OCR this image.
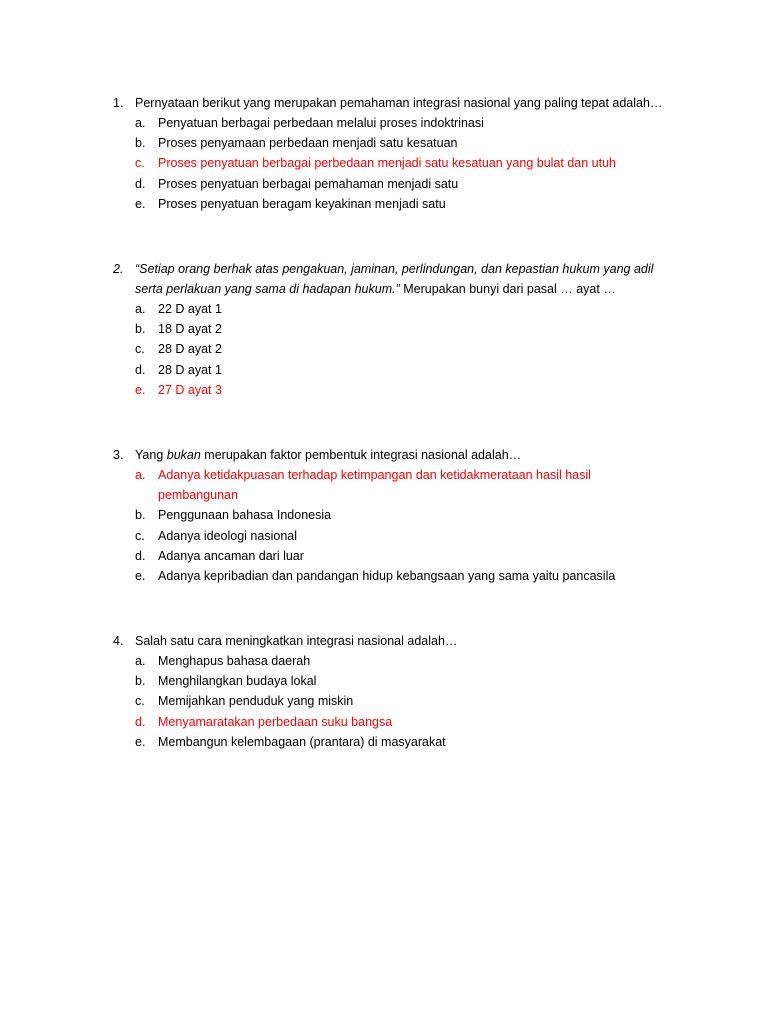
1. Pernyataan berikut yang merupakan pemahaman integrasi nasional yang paling tepat adalah…
a.	Penyatuan berbagai perbedaan melalui proses indoktrinasi
b.	Proses penyamaan perbedaan menjadi satu kesatuan
c.	Proses penyatuan berbagai perbedaan menjadi satu kesatuan yang bulat dan utuh
d.	Proses penyatuan berbagai pemahaman menjadi satu
e.	Proses penyatuan beragam keyakinan menjadi satu
2. “Setiap orang berhak atas pengakuan, jaminan, perlindungan, dan kepastian hukum yang adil
serta perlakuan yang sama di hadapan hukum.” Merupakan bunyi dari pasal … ayat …
a.	22 D ayat 1
b.	18 D ayat 2
c.	28 D ayat 2
d.	28 D ayat 1
e.	27 D ayat 3
3. Yang bukan merupakan faktor pembentuk integrasi nasional adalah…
a.	Adanya ketidakpuasan terhadap ketimpangan dan ketidakmerataan hasil hasil
pembangunan
b.	Penggunaan bahasa Indonesia
c.	Adanya ideologi nasional
d.	Adanya ancaman dari luar
e.	Adanya kepribadian dan pandangan hidup kebangsaan yang sama yaitu pancasila
4. Salah satu cara meningkatkan integrasi nasional adalah…
a.	Menghapus bahasa daerah
b.	Menghilangkan budaya lokal
c.	Memijahkan penduduk yang miskin
d.	Menyamaratakan perbedaan suku bangsa
e.	Membangun kelembagaan (prantara) di masyarakat
